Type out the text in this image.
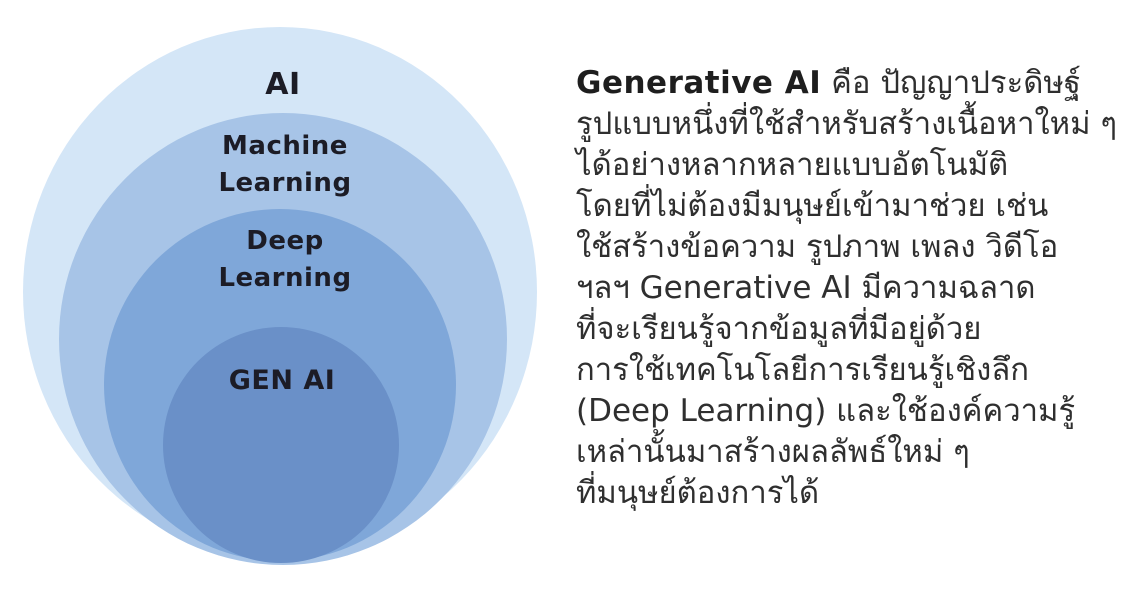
AI
Machine Learning
Deep Learning
GEN AI
Generative AI คือ ปัญญาประดิษฐ์
รูปแบบหนึ่งที่ใช้สำหรับสร้างเนื้อหาใหม่ ๆ
ได้อย่างหลากหลายแบบอัตโนมัติ
โดยที่ไม่ต้องมีมนุษย์เข้ามาช่วย เช่น
ใช้สร้างข้อความ รูปภาพ เพลง วิดีโอ
ฯลฯ Generative AI มีความฉลาด
ที่จะเรียนรู้จากข้อมูลที่มีอยู่ด้วย
การใช้เทคโนโลยีการเรียนรู้เชิงลึก
(Deep Learning) และใช้องค์ความรู้
เหล่านั้นมาสร้างผลลัพธ์ใหม่ ๆ
ที่มนุษย์ต้องการได้
